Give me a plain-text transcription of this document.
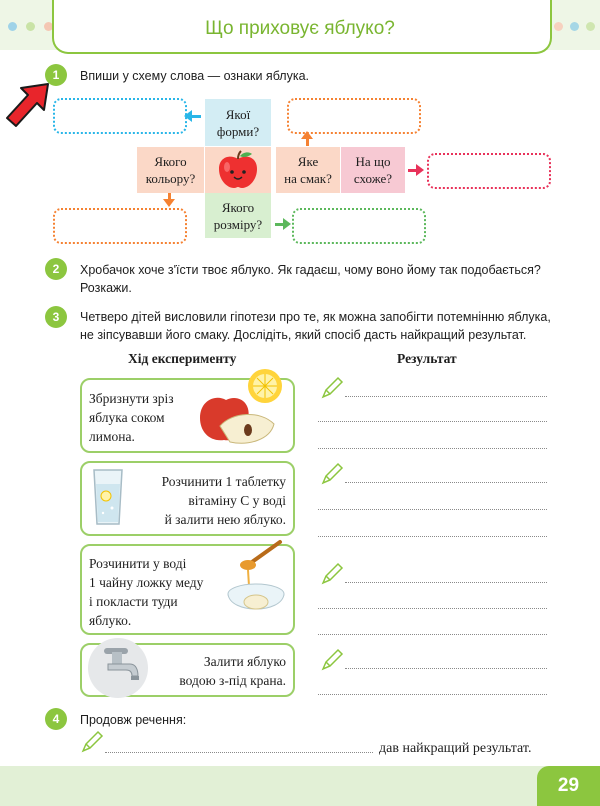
Що приховує яблуко?
1	Впиши у схему слова — ознаки яблука.
Якої
форми?
Якого
кольору?
Яке
на смак?
На що
схоже?
Якого
розміру?
2	Хробачок хоче з'їсти твоє яблуко. Як гадаєш, чому воно йому так подобається?
Розкажи.
3	Четверо дітей висловили гіпотези про те, як можна запобігти потемнінню яблука,
не зіпсувавши його смаку. Дослідіть, який спосіб дасть найкращий результат.
Хід експерименту	Результат
Збризнути зріз
яблука соком
лимона.
Розчинити 1 таблетку
вітаміну С у воді
й залити нею яблуко.
Розчинити у воді
1 чайну ложку меду
і покласти туди
яблуко.
Залити яблуко
водою з-під крана.
4	Продовж речення:
дав найкращий результат.
29
